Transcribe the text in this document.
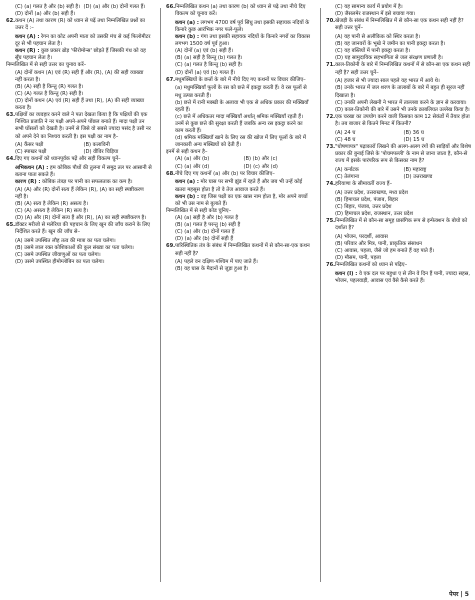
(C) (a) गलत है और (b) सही है। (D) (a) और (b) दोनों गलत हैं।
(D) दोनों (a) और (b) सही हैं।
62. कथन (A) तथा कारण (R) को ध्यान से पढ़ें तथा निम्नलिखित प्रश्नों का उत्तर दें :–
कथन (A) : रेगन का कोट अपनी माता को उसकी मंच से कई फिलोमीटर दूर से भी पहचान लेता है।
कथन (R) : कुछ प्रकार ब्रोड़ 'फीरोमोन्स' छोड़ते हैं जिसकी गंध को वह सूँघ पहचान लेता है।
निम्नलिखित में से सही उत्तर का चुनाव करें–
(A) दोनों कथन (A) एवं (R) सही हैं और (R), (A) की सही व्याख्या नहीं करता है।
(B) (A) सही है किन्तु (R) गलत है।
(C) (A) गलत है किन्तु (R) सही है।
(D) दोनों कथन (A) एवं (R) सही हैं तथा (R), (A) की सही व्याख्या करता है।
63. पक्षियों का व्यवहार करने वाले ने पता देखता किया है कि पक्षियों की एक निश्चित प्रजाति ने नर पक्षी अपने-अपने पोंछल बनाते हैं। मादा पक्षी उन सभी घोंसलों को देखती है। उनमें से जिसे वो सबसे ज्यादा पसंद है उसी नर को अपने देने का निश्चय करती है। इस पक्षी का नाम है–
(A) कैंसर पक्षी	(B) कलाविनी
(C) स्पाखर पक्षी	(D) वीविर चिड़िया
64. दिए गए कथनों को ध्यानपूर्वक पढ़ें और सही विकल्प चुनें–
अभिकथन (A) : हम कोबिक पौधों की तुलना में समुद्र तल पर आसानी से बताना पाता सकते हैं।
कारण (R) : कोबिक तंत्रज्ञ पर पानी का सफलताक का कम है।
(A) (A) और (R) दोनों सत्य हैं लेकिन (R), (A) का सही स्पष्टीकरण नहीं है।
(B) (A) सत्य है लेकिन (R) असत्य है।
(C) (A) असत्य है लेकिन (R) सत्य है।
(D) (A) और (R) दोनों सत्य हैं और (R), (A) का सही स्पष्टीकरण है।
65. डॉक्टर मरीजो से मलेरिया की पहचान के लिए खून की जाँच कराने के लिए निर्देशित करते हैं। खून की जाँच से–
(A) उसमे उपस्थित लौह तत्व की मात्रा का पता चलेगा।
(B) उसमे लाल रक्त कोशिकाओं की कुल संख्या का पता चलेगा।
(C) उसमे उपस्थित जीवाणुओं का पता चलेगा।
(D) उसमे उपस्थित हीमोग्लोबिन का पता चलेगा।
66. निम्नलिखित कथन (a) तथा कारण (b) को ध्यान से पढ़े तथा नीचे दिए विकल्प को चुनाव करें।
कथन (a) : लगभग 4700 वर्ष पूर्व सिंधु तथा इसकी सहायक नदियों के किनारे कुछ आरंभिक नगर फले-फूले।
कथन (b) : गंगा तथा इसकी सहायक नदियों के किनारे नगरों का विकास लगभग 1500 वर्ष पूर्व हुआ।
(A) दोनों (a) एवं (b) सही हैं।
(B) (a) सही है किन्तु (b) गलत है।
(C) (a) गलत है किन्तु (b) सही है।
(D) दोनों (a) एवं (b) गलत हैं।
67. मधुमक्खियों के छत्तों के बारे में नीचे दिए गए कथनों पर विचार कीजिए–
(a) मधुमक्खियाँ फूलों के रस को छत्ते में इकट्ठा करती हैं। वे रस फूलों से मधु उत्पन्न करती हैं।
(b) छत्ते में रानी मक्खी के अलावा भी एक से अधिक प्रकार की मक्खियाँ रहती हैं।
(c) छत्ते में अधिकतर मादा मक्खियाँ अर्थात् श्रमिक मक्खियाँ रहती हैं। उनमें से कुछ छत्ते की सुरक्षा करती हैं जबकि अन्य रस इकट्ठा करने का काम करती हैं।
(d) श्रमिक मक्खियाँ खाने के लिए रस की खोज में लिए फूलों के बारे में जानकारी अन्य मक्खियों को देती हैं।
इनमें से सही कथन है–
(A) (a) और (b)	(B) (b) और (c)
(C) (a) और (d)	(D) (c) और (d)
68. नीचे दिए गए कथनों (a) और (b) पर विचार कीजिए–
कथन (a) : मोर घास पर सभी झुंड में रहते हैं और जब भी उन्हें कोई खतरा महसूस होता है तो वे तेज आवाज करते हैं।
कथन (b) : वह जिस पक्षी का एक खास नाम होता है, मोर अपने बच्चों को भी उस नाम से बुलाते हैं।
निम्नलिखित में से सही कोड चुनिए–
(A) (a) सही है और (b) गलत है
(B) (a) गलत है परन्तु (b) सही है
(C) (a) और (b) दोनों गलत हैं
(D) (a) और (b) दोनों सही हैं
69. पारिस्थितिक तंत्र के संबंध में निम्नलिखित कथनों में से कौन-सा-एक कथन सही नहीं है?
(A) पहले वन दक्षिण-पश्चिम में पाए जाते हैं।
(B) यह घास के मैदानों से जुड़ा हुआ है।
(C) यह सामान्य कार्य में प्रयोग में है।
(D) जैसलमेर राजस्थान में इसे बचाया गया।
70. खेजड़ी के संबंध में निम्नलिखित में से कौन-सा एक कथन सही नहीं है? सही उत्तर चुनें–
(A) यह पानी से अलौकिक को स्थिर करता है।
(B) यह जानवरों के भूखे ने जमीन का पानी इकट्ठा करता है।
(C) यह बस्तियों में पानी इकट्ठा करता है।
(D) यह सामुदायिक सहभागिता से जल संरक्षण प्रणाली है।
71. काल-तिकोनी के बारे में निम्नलिखित कथनों में से कौन-सा एक कथन सही नहीं है? सही उत्तर चुनें–
(A) हजार से भी ज्यादा साल पहले यह भारत में आये थे।
(B) उनके भारत में जल शरण के तालाबों के बारे में बहुत ही सूरज नहीं दिखाता है।
(C) उनकी अपनी लेखनी ने भारत में ताल्लबा करने के ज्ञान से करवाया।
(D) काल-तिकोनी की बारे में उसने भी उनके क़ाबलियत उल्लेख किया है।
72. एक चरखा का उपयोग करने वाली किसका काम 12 सेकंडों में तैयार होता है। तब बाजार से कितने मिनट में कितनी?
(A) 24 घ	(B) 36 घ
(C) 48 घ	(D) 15 घ
73. "घोषणापत्र" पढ़ाकारों लिखने की अलग-अलग रंगों की साड़ियों और विशेष प्रकार की बुनाई जिसे के 'पोचमपल्ली' के नाम से जाना जाता है, कौन-से राज्य में इसके पारंपरिक रूप से किसका नाम है?
(A) कर्नाटक	(B) महाराष्ट्र
(C) तेलंगाना	(D) उत्तराखण्ड
74. हरियाणा के सीमावर्ती राज्य हैं–
(A) उत्तर प्रदेश, उत्तराखण्ड, मध्य प्रदेश
(B) हिमाचल प्रदेश, पंजाब, बिहार
(C) बिहार, पंजाब, उत्तर प्रदेश
(D) हिमाचल प्रदेश, राजस्थान, उत्तर प्रदेश
75. निम्नलिखित में से कौन-सा समूह प्रासंगिक रूप से इन्फेक्शन के बोयो को दर्शाता है?
(A) भोजन, परदर्शी, आवास
(B) परिवार और मित्र, पानी, प्राकृतिक संसाधन
(C) आवास, पहला, जैसे जो हम बनाते हैं वह पाते हैं।
(D) मौसम, पानी, पहला
76. निम्नलिखित कथनों को ध्यान से पढ़िए–
कथन (I) : वे एक दल पर बहुधा ए से तीन वे दिन हैं पानी, ज्यादा सहस्र, भोजन, पहलवाड़ी, आवास एवं वैसे कैसे करते हैं।
पेपर | 5
